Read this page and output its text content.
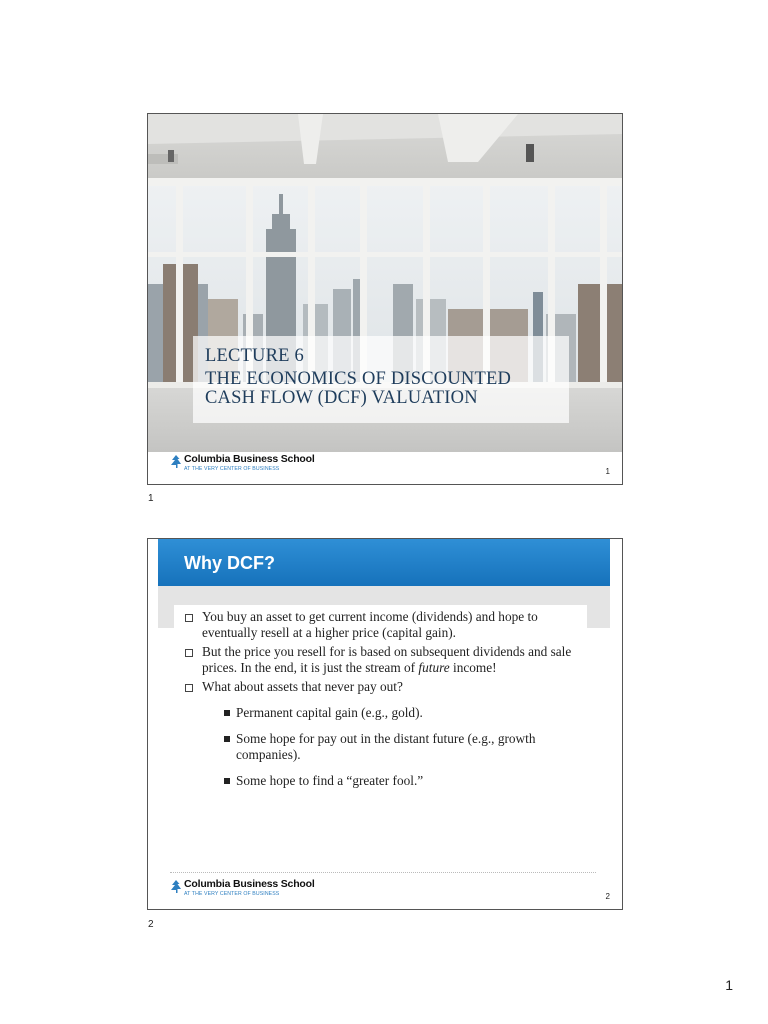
LECTURE 6
THE ECONOMICS OF DISCOUNTED
CASH FLOW (DCF) VALUATION
Columbia Business School
AT THE VERY CENTER OF BUSINESS	1
1
Why DCF?
You buy an asset to get current income (dividends) and hope to eventually resell at a higher price (capital gain).
But the price you resell for is based on subsequent dividends and sale prices. In the end, it is just the stream of future income!
What about assets that never pay out?
Permanent capital gain (e.g., gold).
Some hope for pay out in the distant future (e.g., growth companies).
Some hope to find a “greater fool.”
Columbia Business School
AT THE VERY CENTER OF BUSINESS	2
2
1
